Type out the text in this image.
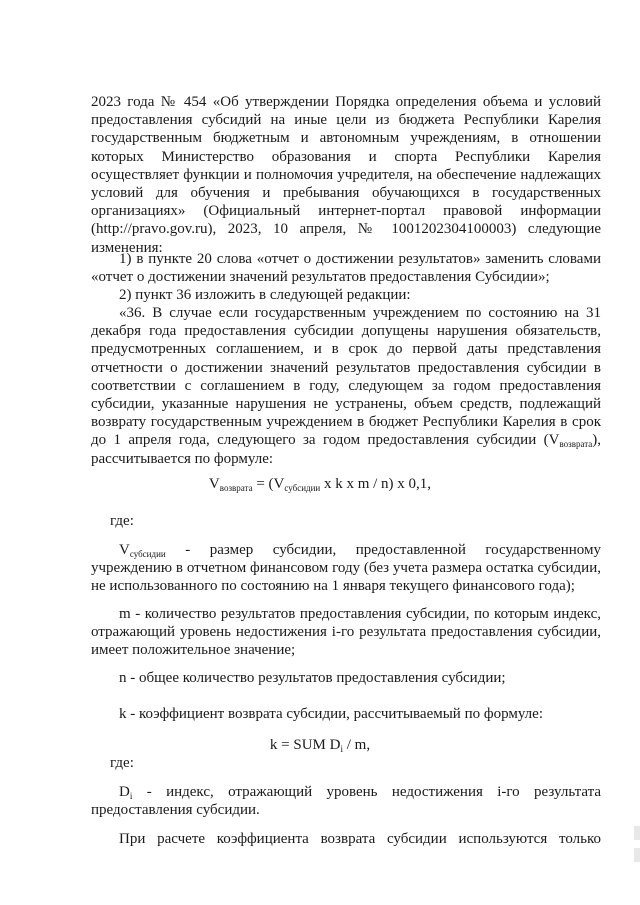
2023 года № 454 «Об утверждении Порядка определения объема и условий предоставления субсидий на иные цели из бюджета Республики Карелия государственным бюджетным и автономным учреждениям, в отношении которых Министерство образования и спорта Республики Карелия осуществляет функции и полномочия учредителя, на обеспечение надлежащих условий для обучения и пребывания обучающихся в государственных организациях» (Официальный интернет-портал правовой информации (http://pravo.gov.ru), 2023, 10 апреля, № 1001202304100003) следующие изменения:

1) в пункте 20 слова «отчет о достижении результатов» заменить словами «отчет о достижении значений результатов предоставления Субсидии»;

2) пункт 36 изложить в следующей редакции:

«36. В случае если государственным учреждением по состоянию на 31 декабря года предоставления субсидии допущены нарушения обязательств, предусмотренных соглашением, и в срок до первой даты представления отчетности о достижении значений результатов предоставления субсидии в соответствии с соглашением в году, следующем за годом предоставления субсидии, указанные нарушения не устранены, объем средств, подлежащий возврату государственным учреждением в бюджет Республики Карелия в срок до 1 апреля года, следующего за годом предоставления субсидии $(V_{возврата})$, рассчитывается по формуле:

$V_{возврата} = (V_{субсидии}$ x k x m / n) x 0,1,
где:

$V_{субсидии}$ - размер субсидии, предоставленной государственному учреждению в отчетном финансовом году (без учета размера остатка субсидии, не использованного по состоянию на 1 января текущего финансового года);

m - количество результатов предоставления субсидии, по которым индекс, отражающий уровень недостижения i-го результата предоставления субсидии, имеет положительное значение;

n - общее количество результатов предоставления субсидии;

k - коэффициент возврата субсидии, рассчитываемый по формуле:

k = SUM $D_i$ / m,
где:

$D_i$ - индекс, отражающий уровень недостижения i-го результата предоставления субсидии.

При расчете коэффициента возврата субсидии используются только
